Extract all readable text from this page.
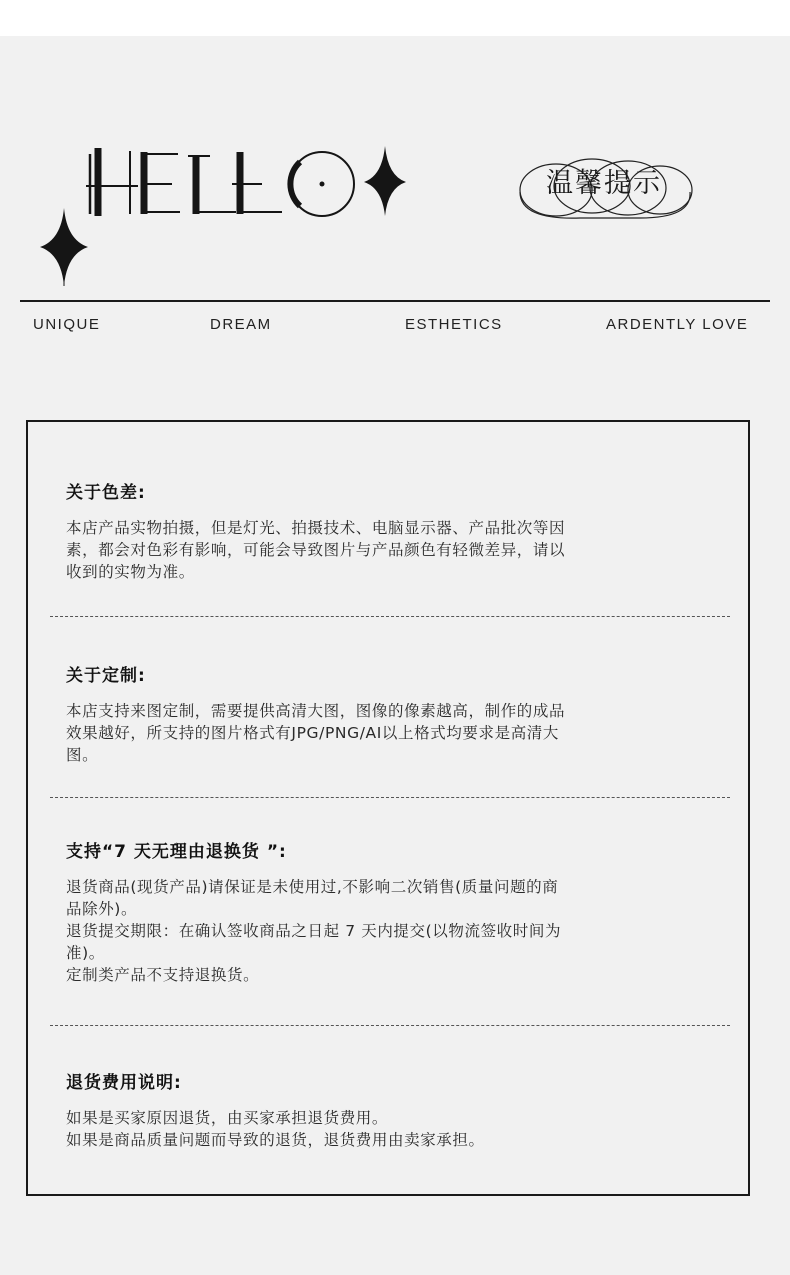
温馨提示
UNIQUE	DREAM	ESTHETICS	ARDENTLY LOVE
关于色差:

本店产品实物拍摄，但是灯光、拍摄技术、电脑显示器、产品批次等因

素，都会对色彩有影响，可能会导致图片与产品颜色有轻微差异，请以

收到的实物为准。

关于定制:

本店支持来图定制，需要提供高清大图，图像的像素越高，制作的成品

效果越好，所支持的图片格式有JPG/PNG/AI以上格式均要求是高清大

图。

支持“7 天无理由退换货 ”:

退货商品(现货产品)请保证是未使用过,不影响二次销售(质量问题的商

品除外)。

退货提交期限：在确认签收商品之日起 7 天内提交(以物流签收时间为

准)。

定制类产品不支持退换货。

退货费用说明:

如果是买家原因退货，由买家承担退货费用。

如果是商品质量问题而导致的退货，退货费用由卖家承担。
